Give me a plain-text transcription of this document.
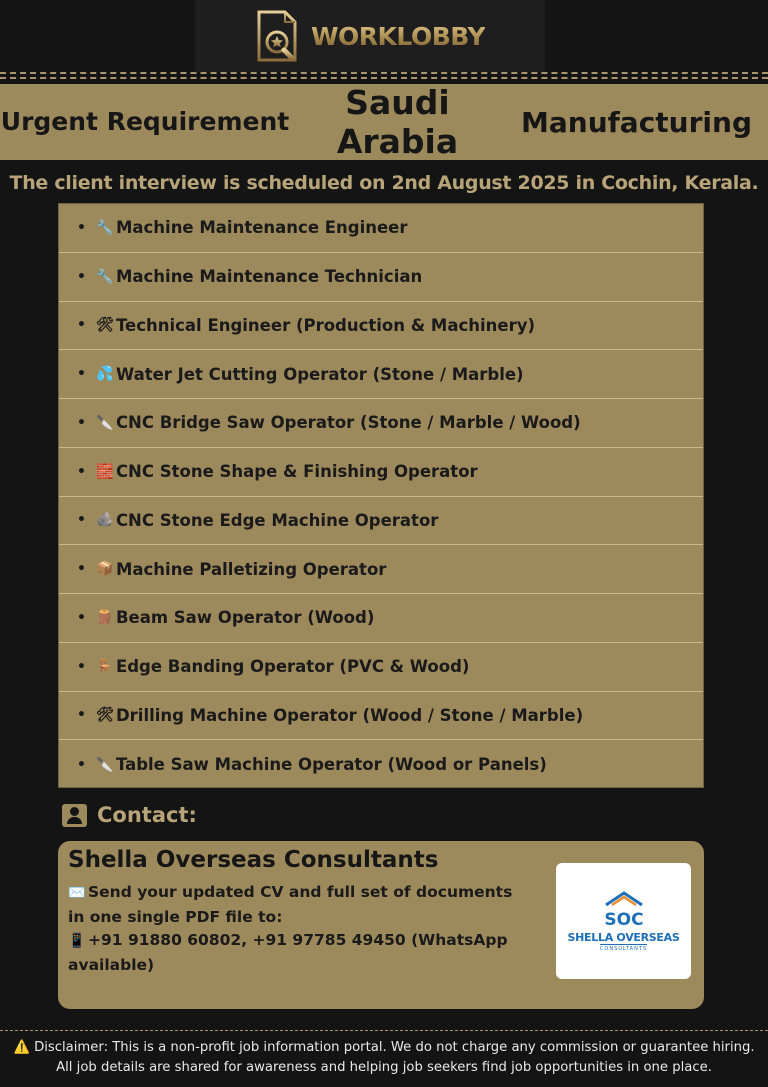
WORKLOBBY
Urgent Requirement	Saudi Arabia	Manufacturing
The client interview is scheduled on 2nd August 2025 in Cochin, Kerala.
• 🔧 Machine Maintenance Engineer
• 🔧 Machine Maintenance Technician
• 🛠 Technical Engineer (Production & Machinery)
• 💦 Water Jet Cutting Operator (Stone / Marble)
• 🔪 CNC Bridge Saw Operator (Stone / Marble / Wood)
• 🧱 CNC Stone Shape & Finishing Operator
• 🪨 CNC Stone Edge Machine Operator
• 📦 Machine Palletizing Operator
• 🪵 Beam Saw Operator (Wood)
• 🪑 Edge Banding Operator (PVC & Wood)
• 🛠 Drilling Machine Operator (Wood / Stone / Marble)
• 🔪 Table Saw Machine Operator (Wood or Panels)
Contact:
Shella Overseas Consultants
✉️ Send your updated CV and full set of documents in one single PDF file to:
📱 +91 91880 60802, +91 97785 49450 (WhatsApp available)
SOC
SHELLA OVERSEAS
CONSULTANTS
⚠️ Disclaimer: This is a non-profit job information portal. We do not charge any commission or guarantee hiring. All job details are shared for awareness and helping job seekers find job opportunities in one place.
